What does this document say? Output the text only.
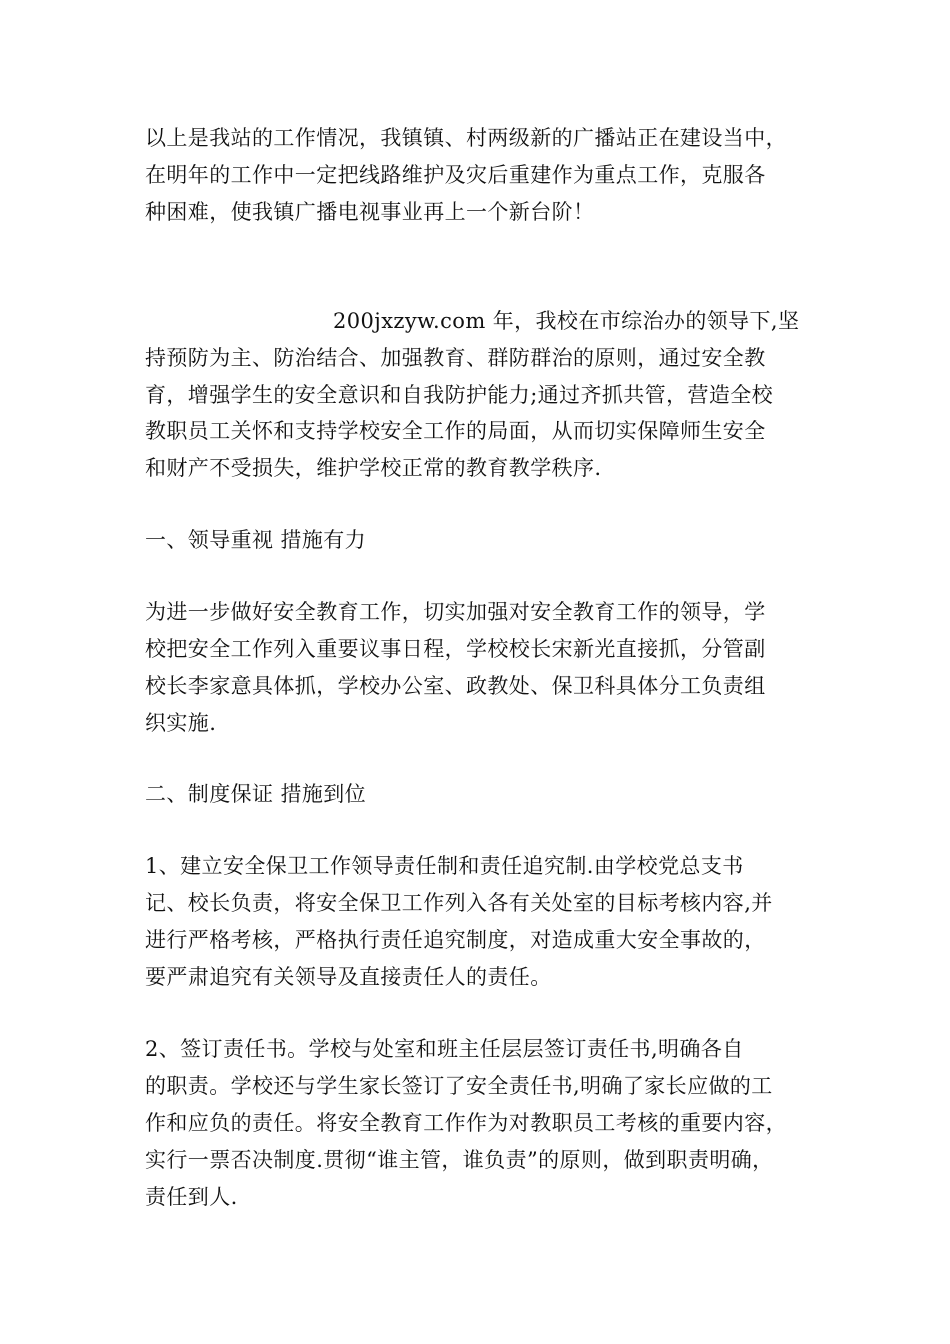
以上是我站的工作情况，我镇镇、村两级新的广播站正在建设当中，
在明年的工作中一定把线路维护及灾后重建作为重点工作，克服各
种困难，使我镇广播电视事业再上一个新台阶！
200jxzyw.com 年，我校在市综治办的领导下,坚
持预防为主、防治结合、加强教育、群防群治的原则，通过安全教
育，增强学生的安全意识和自我防护能力;通过齐抓共管，营造全校
教职员工关怀和支持学校安全工作的局面，从而切实保障师生安全
和财产不受损失，维护学校正常的教育教学秩序.
一、领导重视 措施有力
为进一步做好安全教育工作，切实加强对安全教育工作的领导，学
校把安全工作列入重要议事日程，学校校长宋新光直接抓，分管副
校长李家意具体抓，学校办公室、政教处、保卫科具体分工负责组
织实施.
二、制度保证 措施到位
1、建立安全保卫工作领导责任制和责任追究制.由学校党总支书
记、校长负责，将安全保卫工作列入各有关处室的目标考核内容,并
进行严格考核，严格执行责任追究制度，对造成重大安全事故的，
要严肃追究有关领导及直接责任人的责任。
2、签订责任书。学校与处室和班主任层层签订责任书,明确各自
的职责。学校还与学生家长签订了安全责任书,明确了家长应做的工
作和应负的责任。将安全教育工作作为对教职员工考核的重要内容，
实行一票否决制度.贯彻“谁主管，谁负责”的原则，做到职责明确，
责任到人.
